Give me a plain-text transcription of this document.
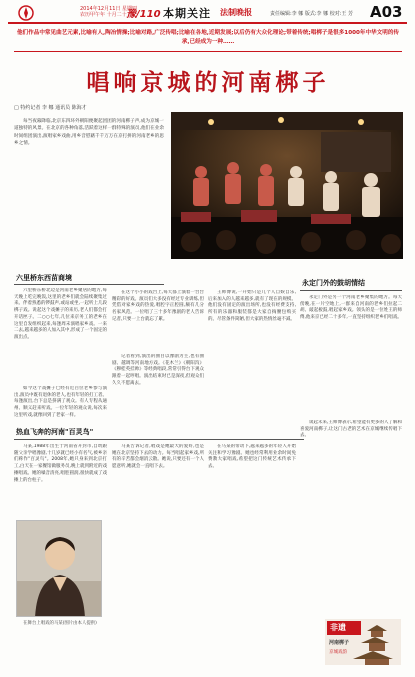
2014年12月11日 星期四
农历甲午年 十月二十 豫/110 本期关注 法制晚报	责任编辑:李 娜 版式:李 娜 校对:王 芳 A03
他们作品中常见曲艺元素,比喻有人,陶冶情操;比喻对路,广泛传唱;比喻在各地,近期发展;以后仍有大众化理论;带着传统;唱梆子是很多1000年中华文明的传承,已经成为一种……
唱响京城的河南梆子
□ 特约记者 李 娜 通讯员 陈海才
每当夜幕降临,北京东四环外朝阳便聚起团团的河南梆子声,成为京城一道独特的风景。在北京的各种角落,活跃着这样一群特殊的演员,他们在业余时间组团演出,演唱家乡戏曲,用乡音慰藉千千万万在京打拼的河南老乡的思乡之情。
六里桥东西苗商境
六里桥东桥北边是河南老乡聚居的地方,每天晚上吃完晚饭,这里的老乡们就会陆续聚集过来。伴着熟悉的锣鼓声,或站或坐,一起听上几段梆子戏。说起这个戏摊子的来历,老人们都会打开话匣子。二○○七年,几位来京务工的老乡在这里自发组织起来,每逢周末演唱家乡戏。一来二去,越来越多的人加入其中,形成了一个固定的演出点。
如今这个戏摊子已经有近百位老乡参与演出,演员中既有退休的老人,也有年轻的打工者。每逢演出,台下总是挤满了观众。有人专程从通州、顺义赶来听戏。一位年轻的观众说,每次来这里听戏,就像回到了老家一样。
在这个小小的戏台上,每天都上演着一台台精彩的好戏。演员们大多没有经过专业训练,但凭借对家乡戏的热爱,唱腔字正腔圆,颇有几分名家风范。一位唱了三十多年豫剧的老人告诉记者,只要一上台就忘了累。
记者看到,演出的曲目以豫剧为主,也有曲剧、越调等河南地方戏。《花木兰》《朝阳沟》《穆桂英挂帅》等经典唱段,常常引得台下观众跟着一起哼唱。演出结束时已是深夜,但观众们久久不愿离去。
王师傅说,一开始只是几个人自娱自乐,后来加入的人越来越多,就有了现在的规模。他们没有固定的演出场所,也没有经费支持,所有的乐器和服装都是大家自掏腰包购买的。尽管条件简陋,但大家的热情丝毫不减。
永定门外的鼓胡情结
永定门外是另一个河南老乡聚集的地方。每天傍晚,在一片空地上,一群来自河南的老乡们拉起二胡、敲起板鼓,唱起家乡戏。领头的是一位姓王的师傅,他来京已经二十多年,一直坚持组织老乡们唱戏。
热血飞奔的河南"百灵鸟"
马某,1988年出生于河南省开封市,自幼跟随父亲学唱豫剧,十几岁就已经小有名气,被乡亲们称作"百灵鸟"。2008年,她只身来到北京打工,白天在一家餐馆做服务员,晚上就到附近的戏摊唱戏。她的嗓音清亮,唱腔圆润,很快就成了戏摊上的台柱子。
马某告诉记者,唱戏是她最大的爱好,也是她在北京坚持下去的动力。每当唱起家乡戏,所有的辛苦都会烟消云散。她说,只要还有一个人愿意听,她就会一直唱下去。
在马某的带动下,越来越多的年轻人开始关注和学习豫剧。她也经常利用业余时间免费教大家唱戏,希望把这门传统艺术传承下去。
谈起未来,王师傅表示,希望能有更多的人了解和喜爱河南梆子,让这门古老的艺术在京城继续传唱下去。
在舞台上唱戏的马某(图片由本人提供)	非遗
河南梆子
京城戏韵
